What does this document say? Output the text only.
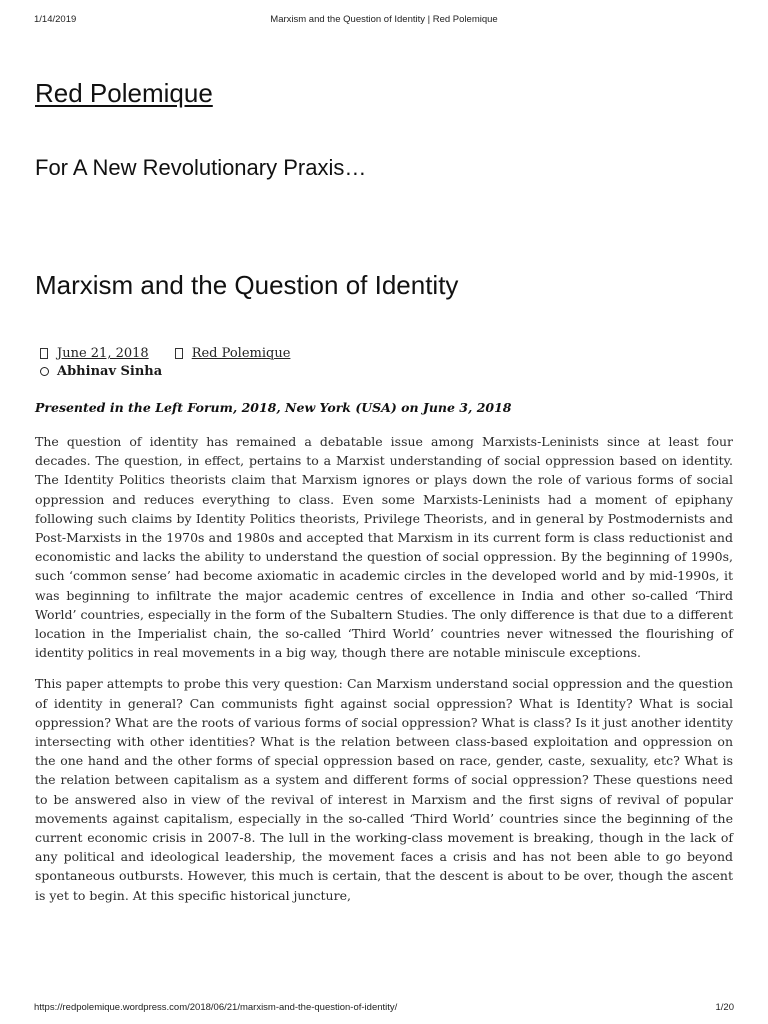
1/14/2019	Marxism and the Question of Identity | Red Polemique
Red Polemique
For A New Revolutionary Praxis…
Marxism and the Question of Identity
June 21, 2018	Red Polemique
Abhinav Sinha
Presented in the Left Forum, 2018, New York (USA) on June 3, 2018

The question of identity has remained a debatable issue among Marxists-Leninists since at least four decades. The question, in effect, pertains to a Marxist understanding of social oppression based on identity. The Identity Politics theorists claim that Marxism ignores or plays down the role of various forms of social oppression and reduces everything to class. Even some Marxists-Leninists had a moment of epiphany following such claims by Identity Politics theorists, Privilege Theorists, and in general by Postmodernists and Post-Marxists in the 1970s and 1980s and accepted that Marxism in its current form is class reductionist and economistic and lacks the ability to understand the question of social oppression. By the beginning of 1990s, such ‘common sense’ had become axiomatic in academic circles in the developed world and by mid-1990s, it was beginning to infiltrate the major academic centres of excellence in India and other so-called ‘Third World’ countries, especially in the form of the Subaltern Studies. The only difference is that due to a different location in the Imperialist chain, the so-called ‘Third World’ countries never witnessed the flourishing of identity politics in real movements in a big way, though there are notable miniscule exceptions.

This paper attempts to probe this very question: Can Marxism understand social oppression and the question of identity in general? Can communists fight against social oppression? What is Identity? What is social oppression? What are the roots of various forms of social oppression? What is class? Is it just another identity intersecting with other identities? What is the relation between class-based exploitation and oppression on the one hand and the other forms of special oppression based on race, gender, caste, sexuality, etc? What is the relation between capitalism as a system and different forms of social oppression? These questions need to be answered also in view of the revival of interest in Marxism and the first signs of revival of popular movements against capitalism, especially in the so-called ‘Third World’ countries since the beginning of the current economic crisis in 2007-8. The lull in the working-class movement is breaking, though in the lack of any political and ideological leadership, the movement faces a crisis and has not been able to go beyond spontaneous outbursts. However, this much is certain, that the descent is about to be over, though the ascent is yet to begin. At this specific historical juncture,

https://redpolemique.wordpress.com/2018/06/21/marxism-and-the-question-of-identity/	1/20
